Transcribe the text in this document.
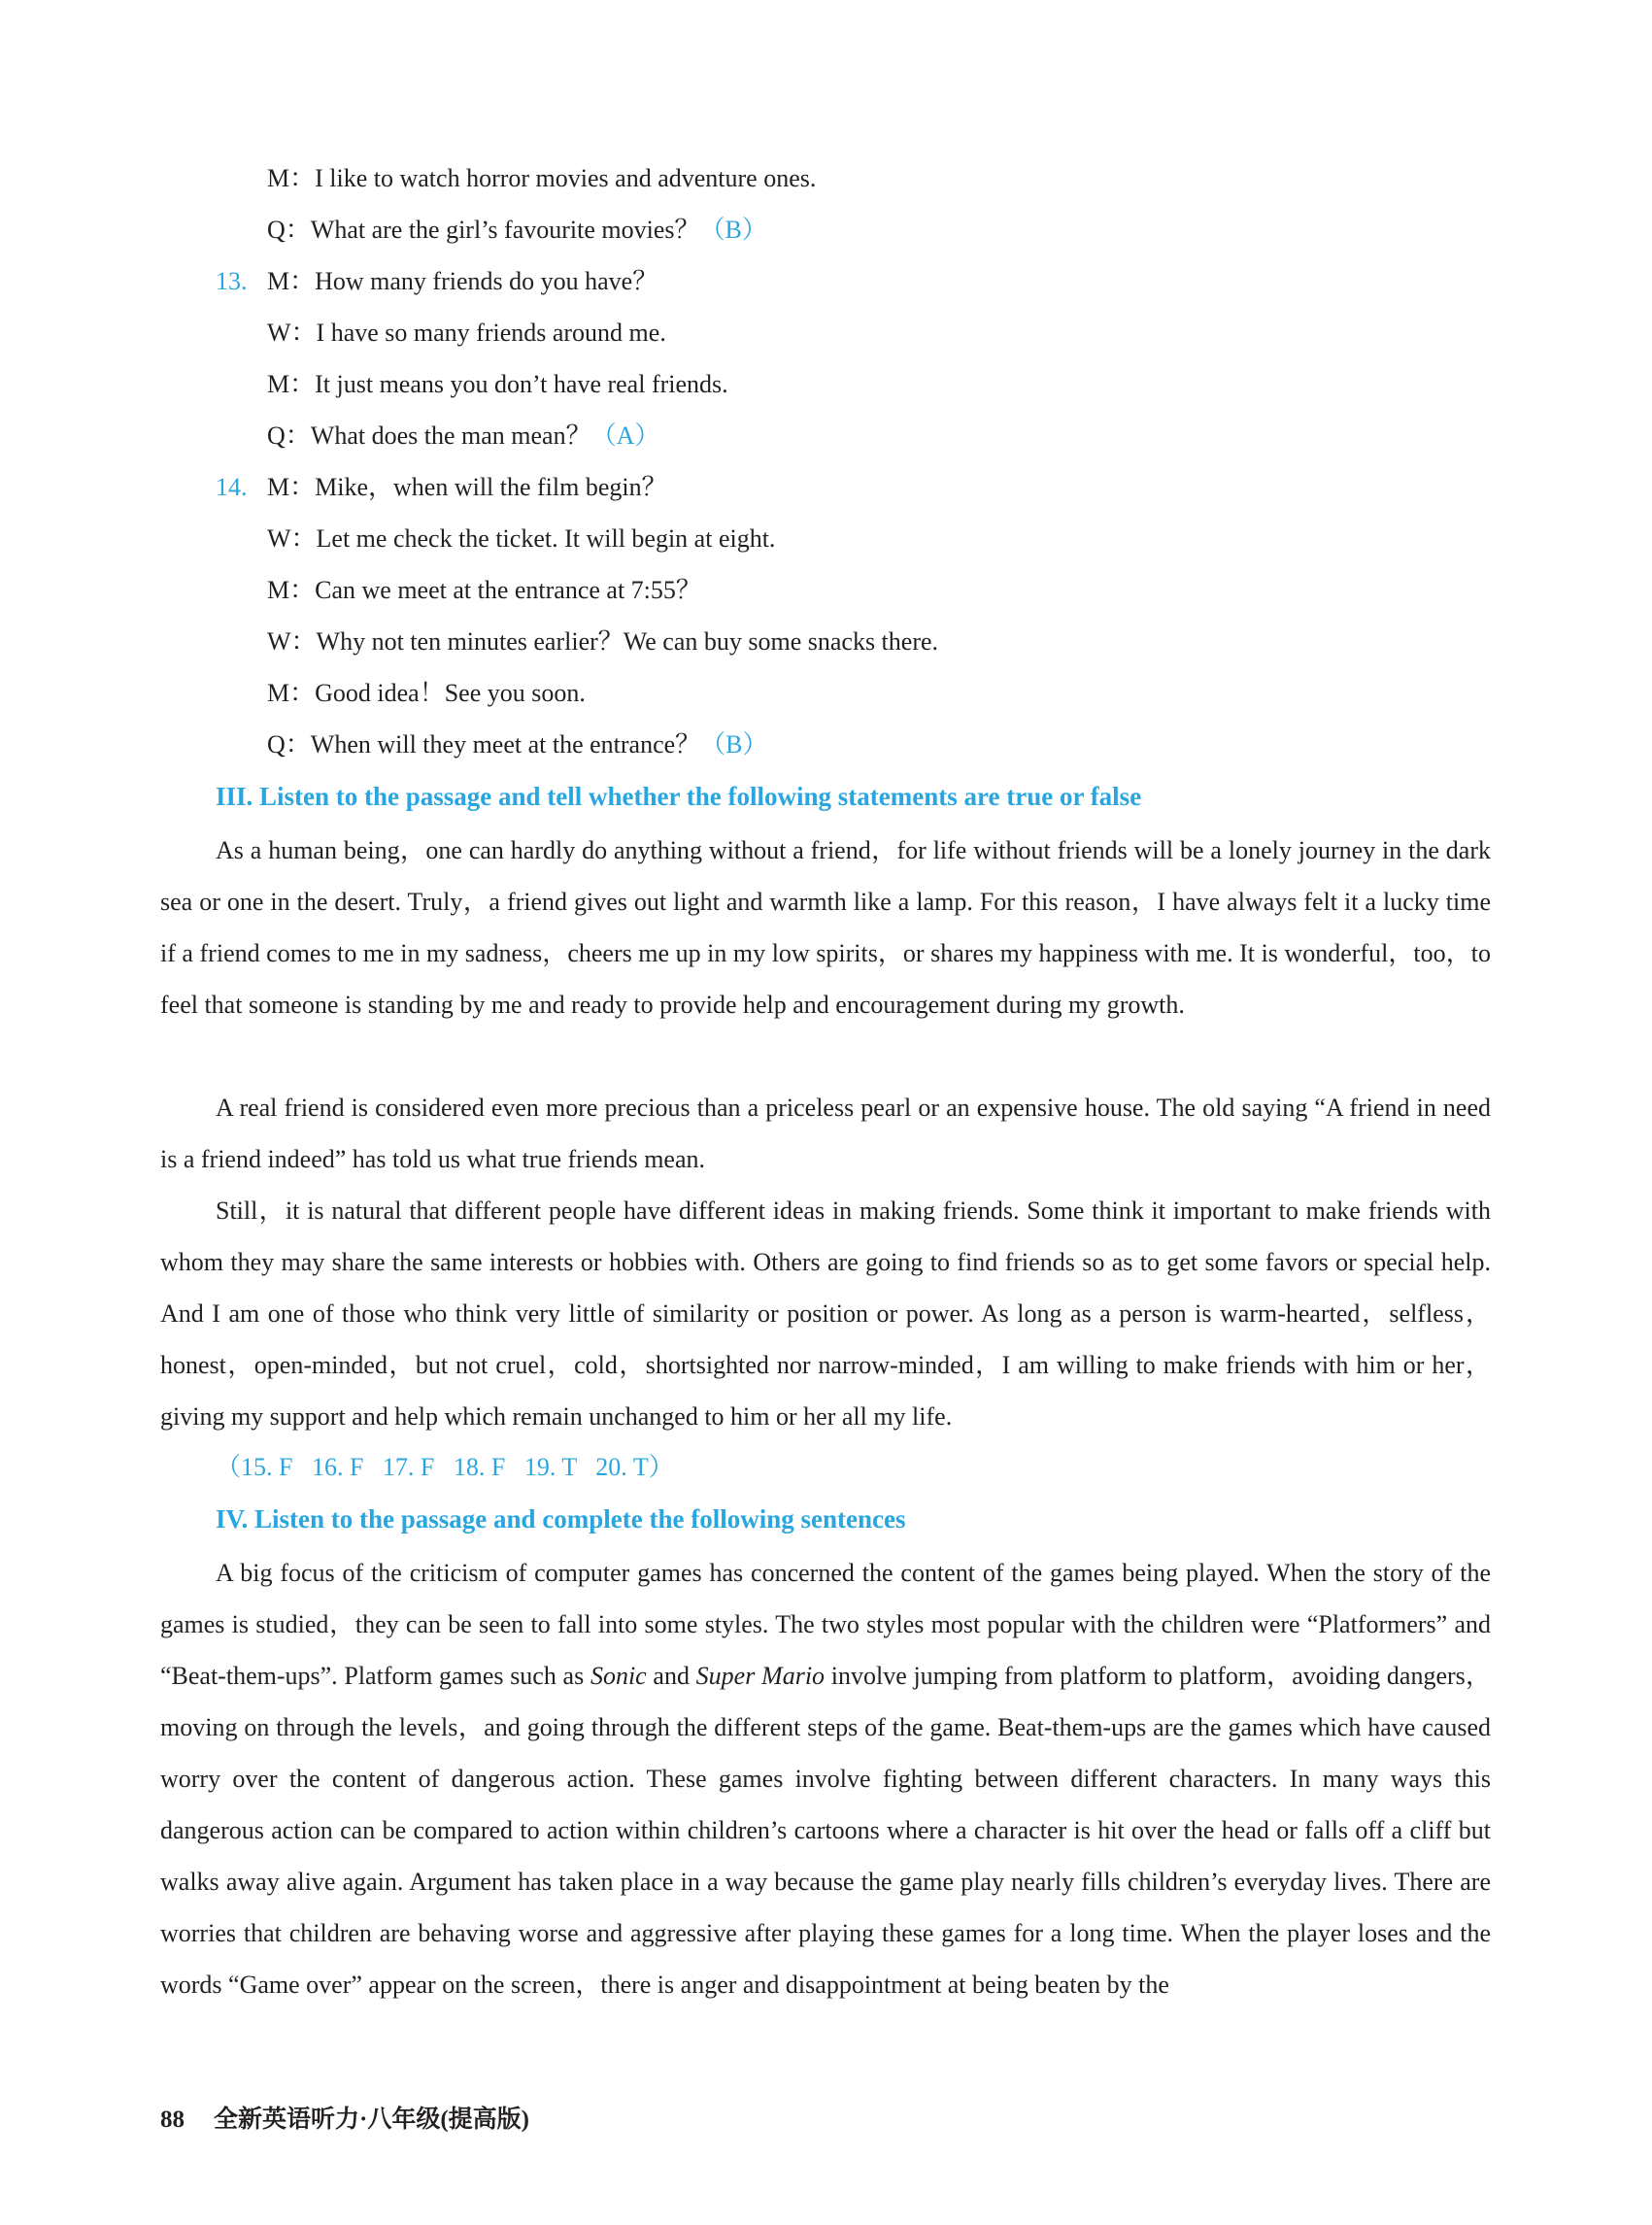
M：I like to watch horror movies and adventure ones.
Q：What are the girl’s favourite movies？（B）
13. M：How many friends do you have？
W：I have so many friends around me.
M：It just means you don’t have real friends.
Q：What does the man mean？（A）
14. M：Mike，when will the film begin？
W：Let me check the ticket. It will begin at eight.
M：Can we meet at the entrance at 7:55？
W：Why not ten minutes earlier？We can buy some snacks there.
M：Good idea！See you soon.
Q：When will they meet at the entrance？（B）
III. Listen to the passage and tell whether the following statements are true or false

As a human being，one can hardly do anything without a friend，for life without friends will be a lonely journey in the dark sea or one in the desert. Truly，a friend gives out light and warmth like a lamp. For this reason，I have always felt it a lucky time if a friend comes to me in my sadness，cheers me up in my low spirits，or shares my happiness with me. It is wonderful，too，to feel that someone is standing by me and ready to provide help and encouragement during my growth.

A real friend is considered even more precious than a priceless pearl or an expensive house. The old saying “A friend in need is a friend indeed” has told us what true friends mean.

Still，it is natural that different people have different ideas in making friends. Some think it important to make friends with whom they may share the same interests or hobbies with. Others are going to find friends so as to get some favors or special help. And I am one of those who think very little of similarity or position or power. As long as a person is warm-hearted，selfless，honest，open-minded，but not cruel，cold，shortsighted nor narrow-minded，I am willing to make friends with him or her，giving my support and help which remain unchanged to him or her all my life.

（15. F   16. F   17. F   18. F   19. T   20. T）
IV. Listen to the passage and complete the following sentences

A big focus of the criticism of computer games has concerned the content of the games being played. When the story of the games is studied，they can be seen to fall into some styles. The two styles most popular with the children were “Platformers” and “Beat-them-ups”. Platform games such as Sonic and Super Mario involve jumping from platform to platform，avoiding dangers，moving on through the levels，and going through the different steps of the game. Beat-them-ups are the games which have caused worry over the content of dangerous action. These games involve fighting between different characters. In many ways this dangerous action can be compared to action within children’s cartoons where a character is hit over the head or falls off a cliff but walks away alive again. Argument has taken place in a way because the game play nearly fills children’s everyday lives. There are worries that children are behaving worse and aggressive after playing these games for a long time. When the player loses and the words “Game over” appear on the screen，there is anger and disappointment at being beaten by the

88 全新英语听力·八年级(提高版)
